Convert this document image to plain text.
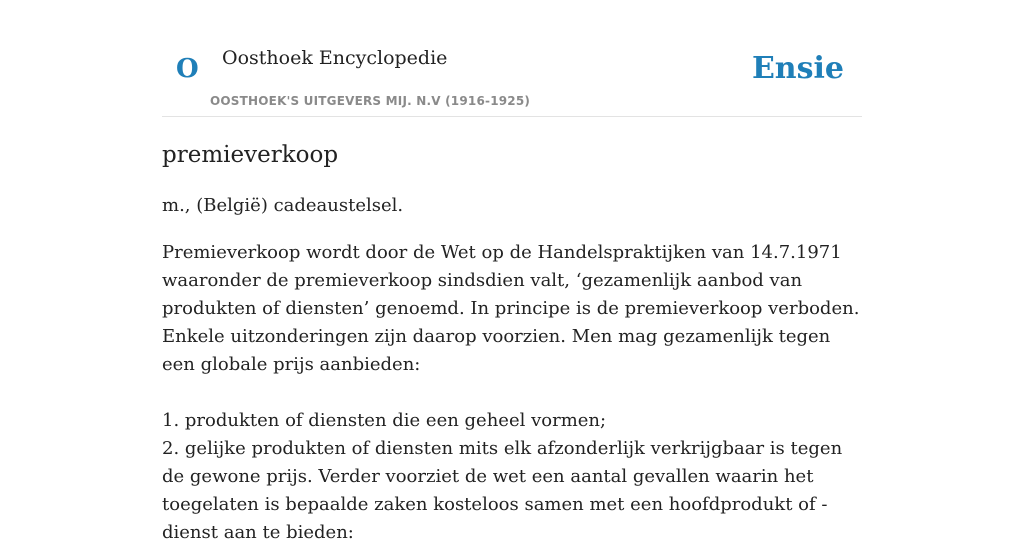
O Oosthoek Encyclopedie
OOSTHOEK'S UITGEVERS MIJ. N.V (1916-1925)
Ensie
premieverkoop

m., (België) cadeaustelsel.

Premieverkoop wordt door de Wet op de Handelspraktijken van 14.7.1971 waaronder de premieverkoop sindsdien valt, ‘gezamenlijk aanbod van produkten of diensten’ genoemd. In principe is de premieverkoop verboden. Enkele uitzonderingen zijn daarop voorzien. Men mag gezamenlijk tegen een globale prijs aanbieden:

1. produkten of diensten die een geheel vormen;

2. gelijke produkten of diensten mits elk afzonderlijk verkrijgbaar is tegen de gewone prijs. Verder voorziet de wet een aantal gevallen waarin het toegelaten is bepaalde zaken kosteloos samen met een hoofdprodukt of -dienst aan te bieden:
